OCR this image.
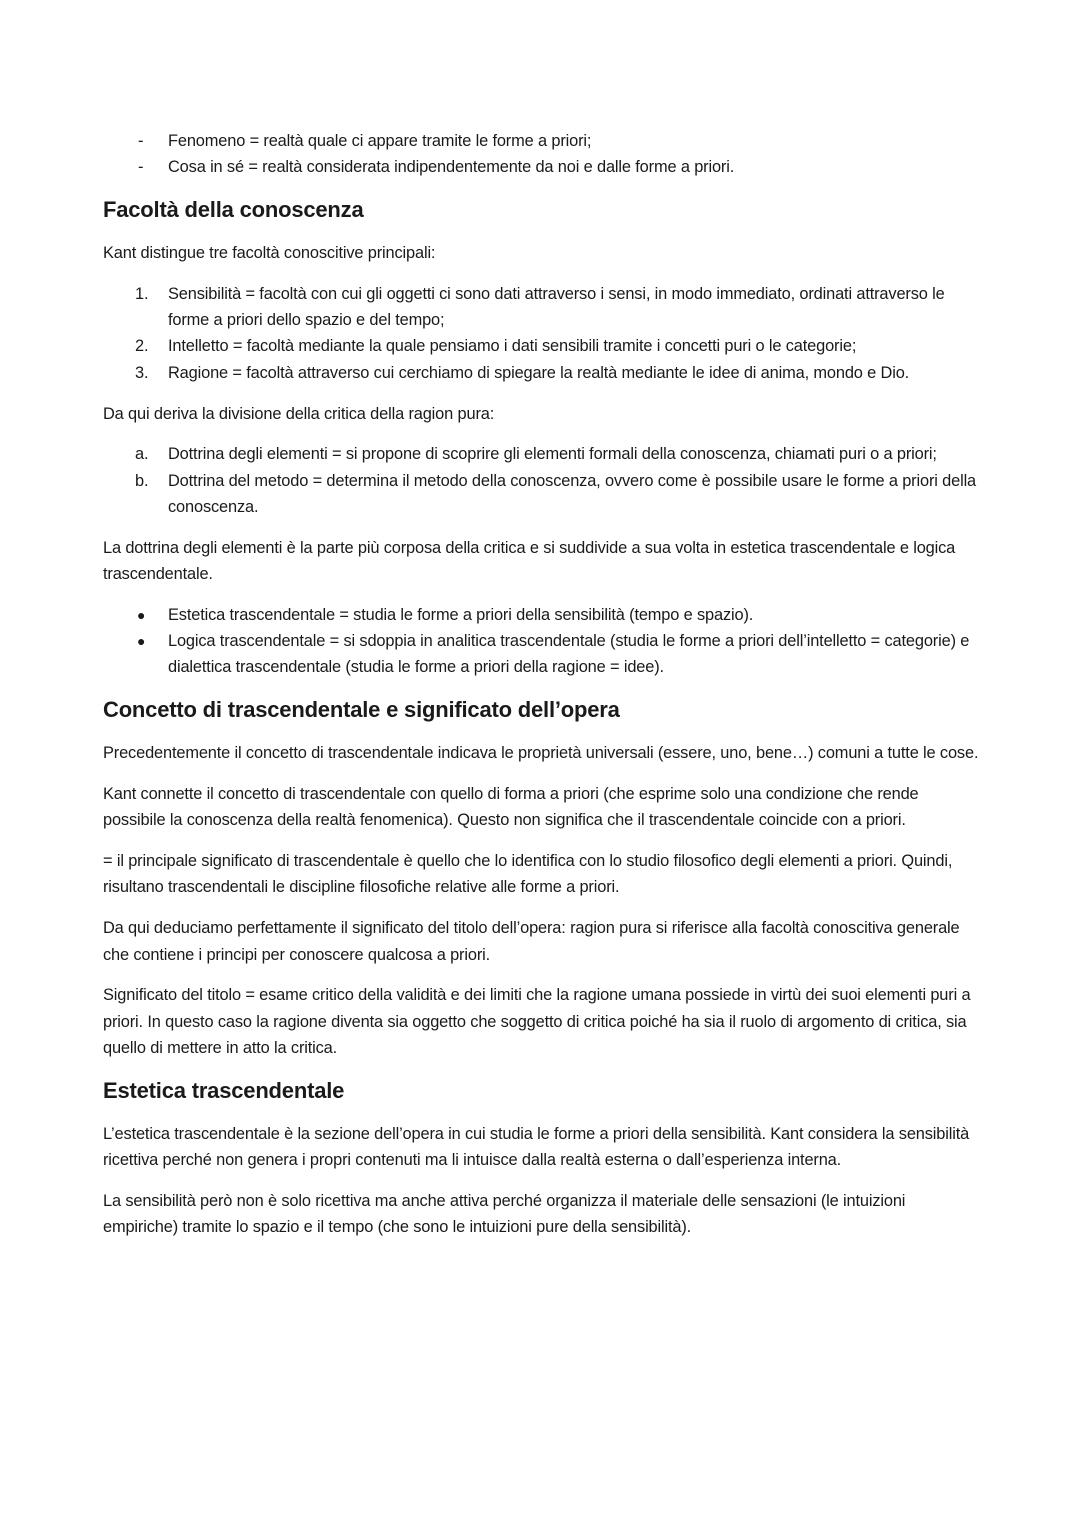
- Fenomeno = realtà quale ci appare tramite le forme a priori;
- Cosa in sé = realtà considerata indipendentemente da noi e dalle forme a priori.
Facoltà della conoscenza

Kant distingue tre facoltà conoscitive principali:

1. Sensibilità = facoltà con cui gli oggetti ci sono dati attraverso i sensi, in modo immediato, ordinati attraverso le forme a priori dello spazio e del tempo;
2. Intelletto = facoltà mediante la quale pensiamo i dati sensibili tramite i concetti puri o le categorie;
3. Ragione = facoltà attraverso cui cerchiamo di spiegare la realtà mediante le idee di anima, mondo e Dio.

Da qui deriva la divisione della critica della ragion pura:

a. Dottrina degli elementi = si propone di scoprire gli elementi formali della conoscenza, chiamati puri o a priori;
b. Dottrina del metodo = determina il metodo della conoscenza, ovvero come è possibile usare le forme a priori della conoscenza.

La dottrina degli elementi è la parte più corposa della critica e si suddivide a sua volta in estetica trascendentale e logica trascendentale.

● Estetica trascendentale = studia le forme a priori della sensibilità (tempo e spazio).
● Logica trascendentale = si sdoppia in analitica trascendentale (studia le forme a priori dell’intelletto = categorie) e dialettica trascendentale (studia le forme a priori della ragione = idee).
Concetto di trascendentale e significato dell’opera

Precedentemente il concetto di trascendentale indicava le proprietà universali (essere, uno, bene…) comuni a tutte le cose.

Kant connette il concetto di trascendentale con quello di forma a priori (che esprime solo una condizione che rende possibile la conoscenza della realtà fenomenica). Questo non significa che il trascendentale coincide con a priori.

= il principale significato di trascendentale è quello che lo identifica con lo studio filosofico degli elementi a priori. Quindi, risultano trascendentali le discipline filosofiche relative alle forme a priori.

Da qui deduciamo perfettamente il significato del titolo dell’opera: ragion pura si riferisce alla facoltà conoscitiva generale che contiene i principi per conoscere qualcosa a priori.

Significato del titolo = esame critico della validità e dei limiti che la ragione umana possiede in virtù dei suoi elementi puri a priori. In questo caso la ragione diventa sia oggetto che soggetto di critica poiché ha sia il ruolo di argomento di critica, sia quello di mettere in atto la critica.

Estetica trascendentale

L’estetica trascendentale è la sezione dell’opera in cui studia le forme a priori della sensibilità. Kant considera la sensibilità ricettiva perché non genera i propri contenuti ma li intuisce dalla realtà esterna o dall’esperienza interna.

La sensibilità però non è solo ricettiva ma anche attiva perché organizza il materiale delle sensazioni (le intuizioni empiriche) tramite lo spazio e il tempo (che sono le intuizioni pure della sensibilità).
